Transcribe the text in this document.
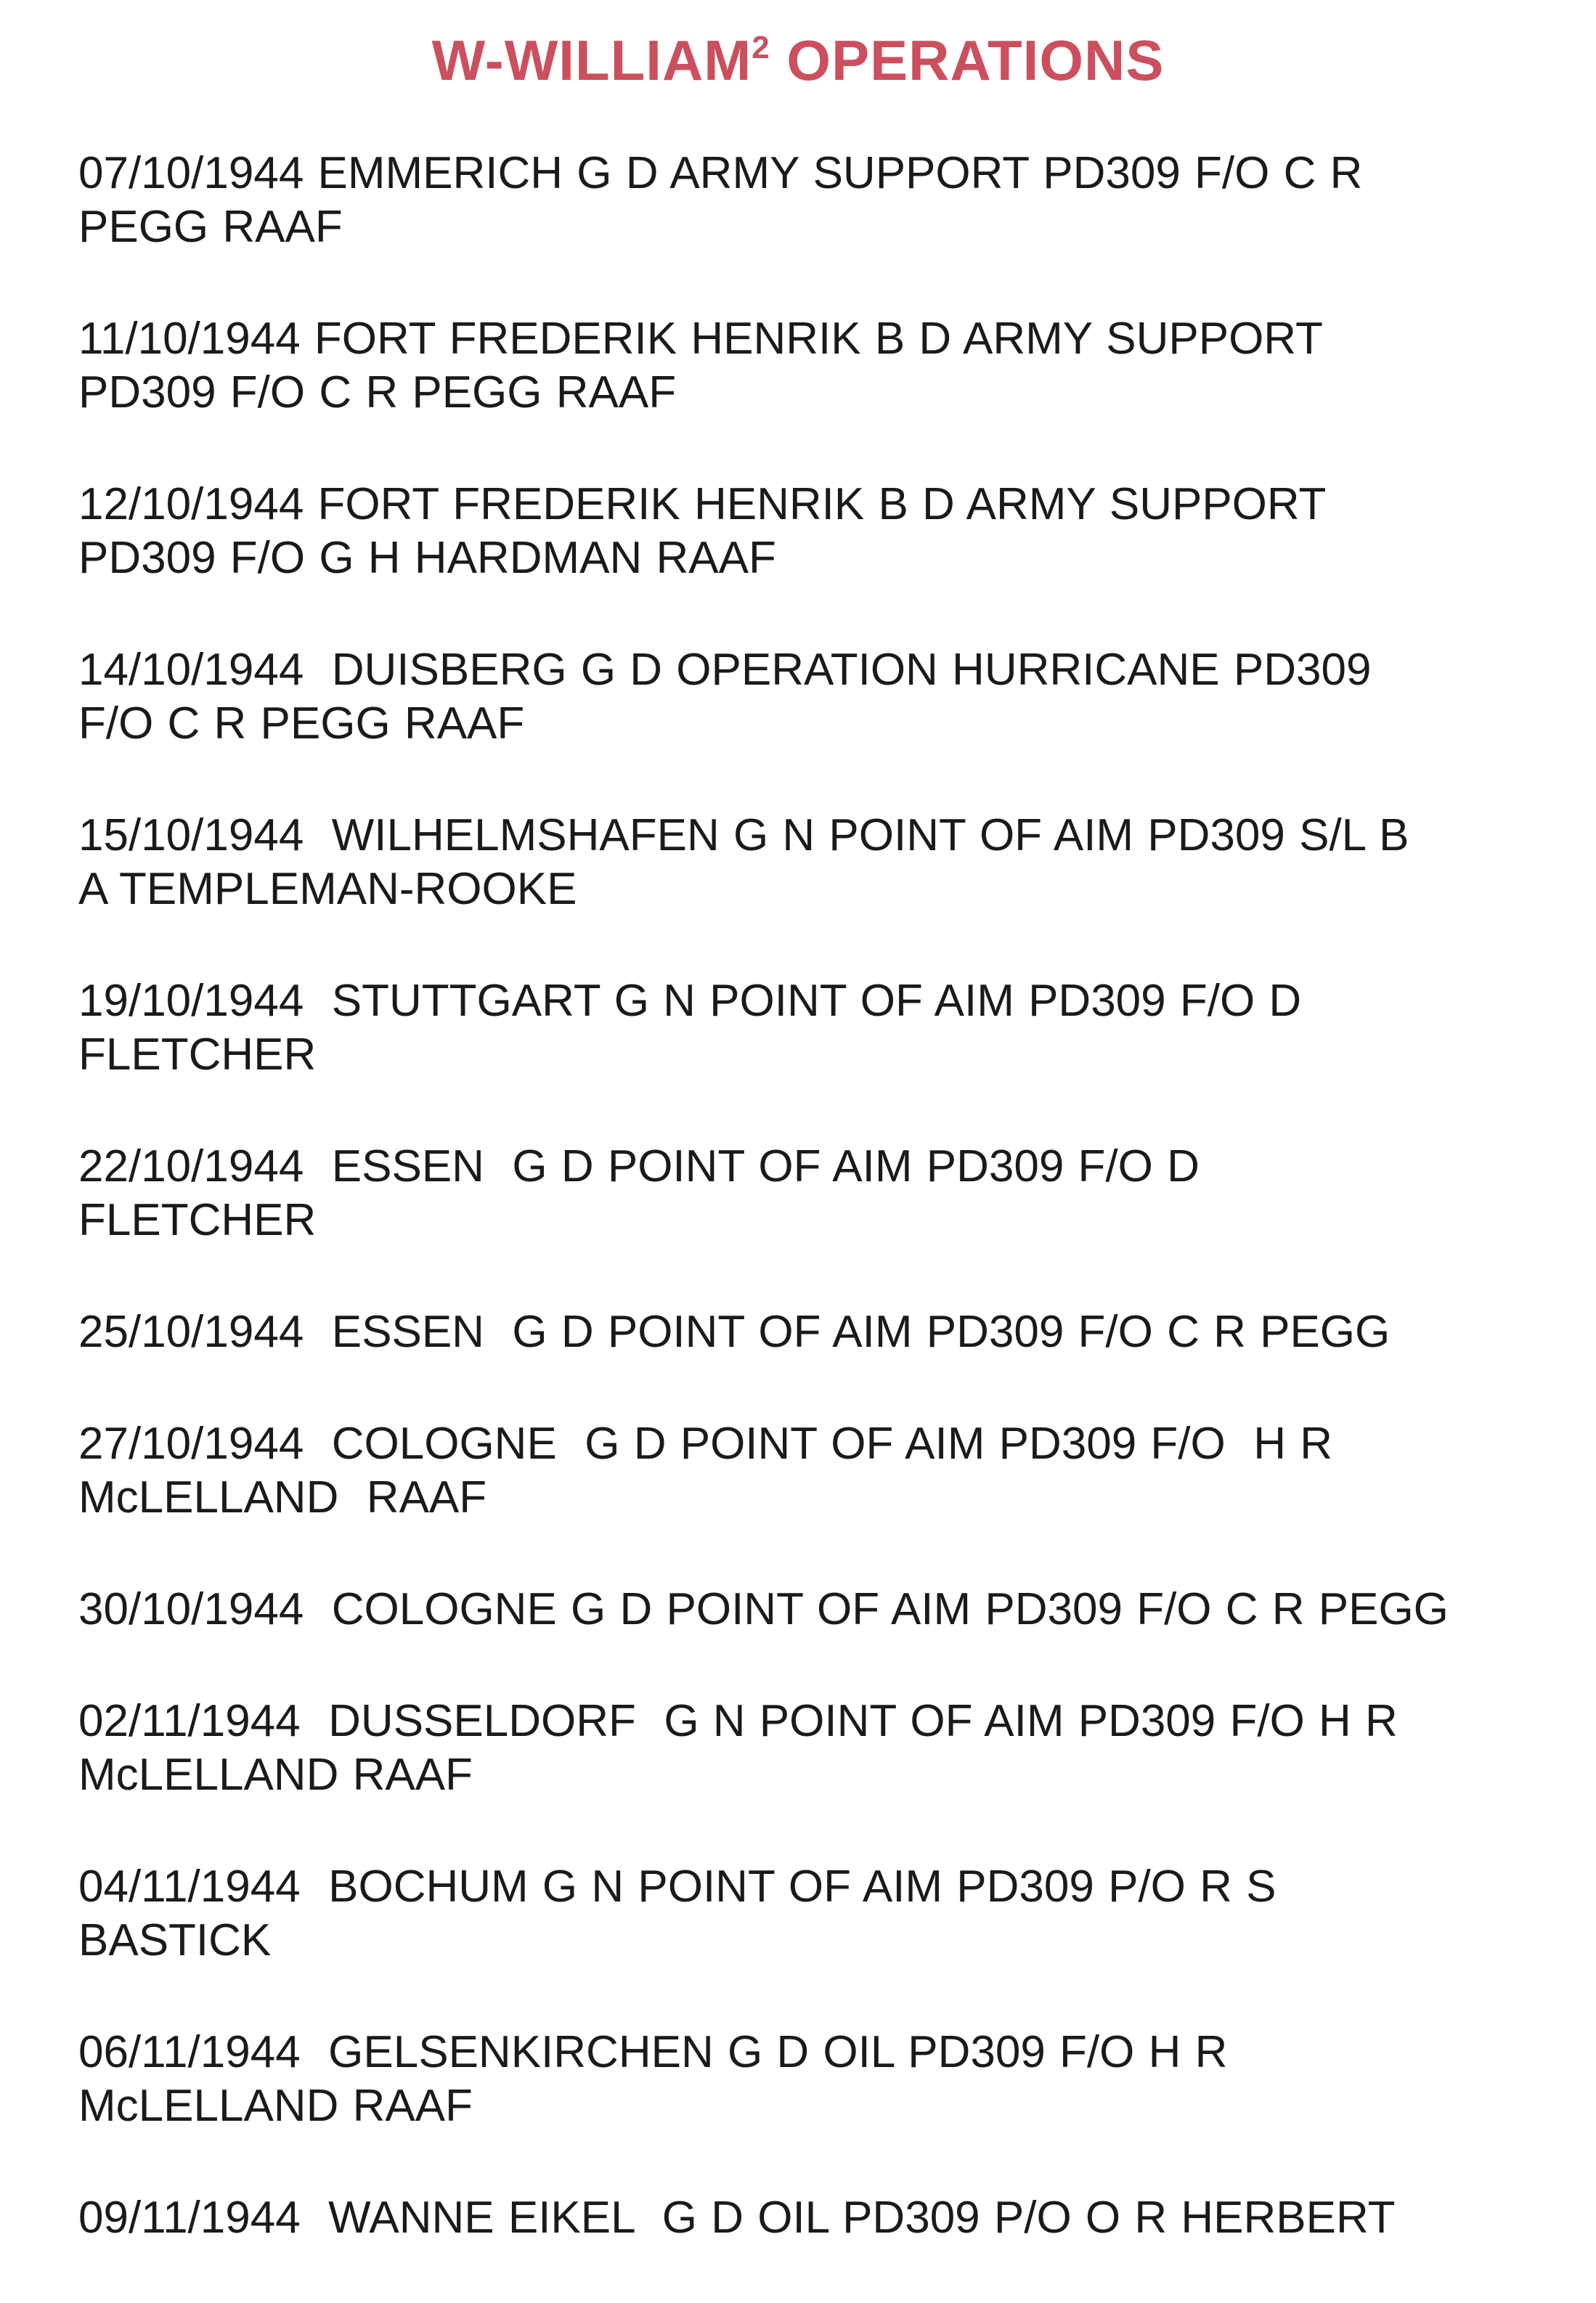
W-WILLIAM$^2$ OPERATIONS
07/10/1944 EMMERICH G D ARMY SUPPORT PD309 F/O C R
PEGG RAAF
11/10/1944 FORT FREDERIK HENRIK B D ARMY SUPPORT
PD309 F/O C R PEGG RAAF
12/10/1944 FORT FREDERIK HENRIK B D ARMY SUPPORT
PD309 F/O G H HARDMAN RAAF
14/10/1944  DUISBERG G D OPERATION HURRICANE PD309
F/O C R PEGG RAAF
15/10/1944  WILHELMSHAFEN G N POINT OF AIM PD309 S/L B
A TEMPLEMAN-ROOKE
19/10/1944  STUTTGART G N POINT OF AIM PD309 F/O D
FLETCHER
22/10/1944  ESSEN  G D POINT OF AIM PD309 F/O D
FLETCHER
25/10/1944  ESSEN  G D POINT OF AIM PD309 F/O C R PEGG
27/10/1944  COLOGNE  G D POINT OF AIM PD309 F/O  H R
McLELLAND  RAAF
30/10/1944  COLOGNE G D POINT OF AIM PD309 F/O C R PEGG
02/11/1944  DUSSELDORF  G N POINT OF AIM PD309 F/O H R
McLELLAND RAAF
04/11/1944  BOCHUM G N POINT OF AIM PD309 P/O R S
BASTICK
06/11/1944  GELSENKIRCHEN G D OIL PD309 F/O H R
McLELLAND RAAF
09/11/1944  WANNE EIKEL  G D OIL PD309 P/O O R HERBERT
